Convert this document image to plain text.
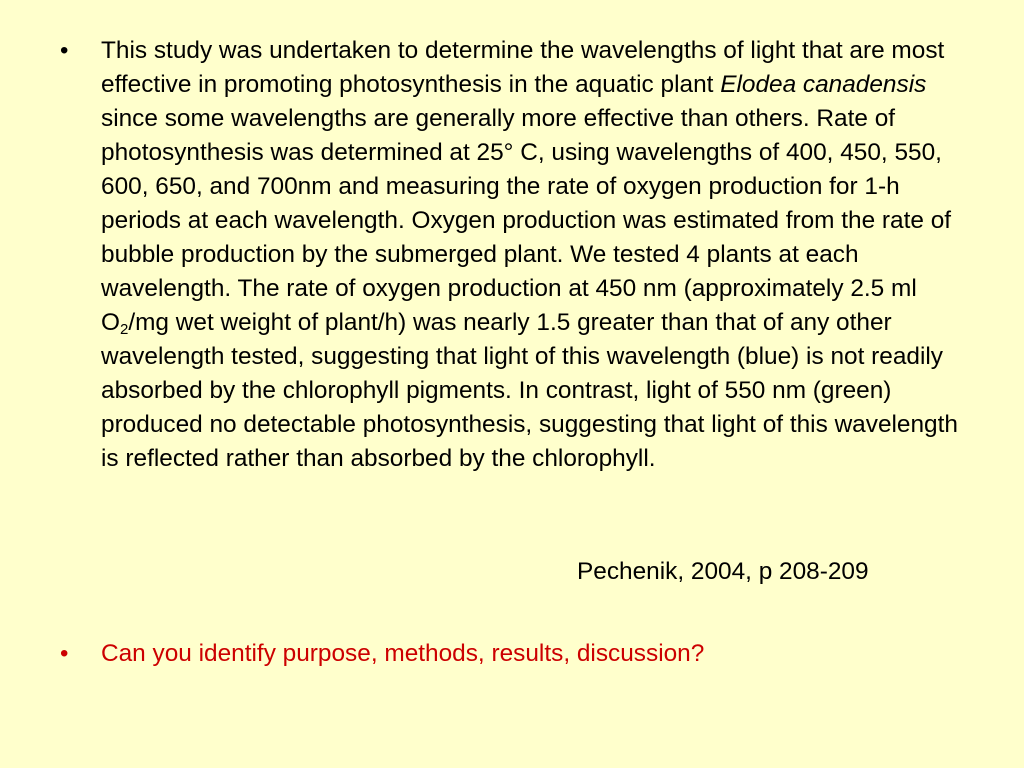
• This study was undertaken to determine the wavelengths of light that are most effective in promoting photosynthesis in the aquatic plant Elodea canadensis since some wavelengths are generally more effective than others. Rate of photosynthesis was determined at 25° C, using wavelengths of 400, 450, 550, 600, 650, and 700nm and measuring the rate of oxygen production for 1-h periods at each wavelength. Oxygen production was estimated from the rate of bubble production by the submerged plant. We tested 4 plants at each wavelength. The rate of oxygen production at 450 nm (approximately 2.5 ml $O_2/mg$ wet weight of plant/h) was nearly 1.5 greater than that of any other wavelength tested, suggesting that light of this wavelength (blue) is not readily absorbed by the chlorophyll pigments. In contrast, light of 550 nm (green) produced no detectable photosynthesis, suggesting that light of this wavelength is reflected rather than absorbed by the chlorophyll.
Pechenik, 2004, p 208-209
• Can you identify purpose, methods, results, discussion?
